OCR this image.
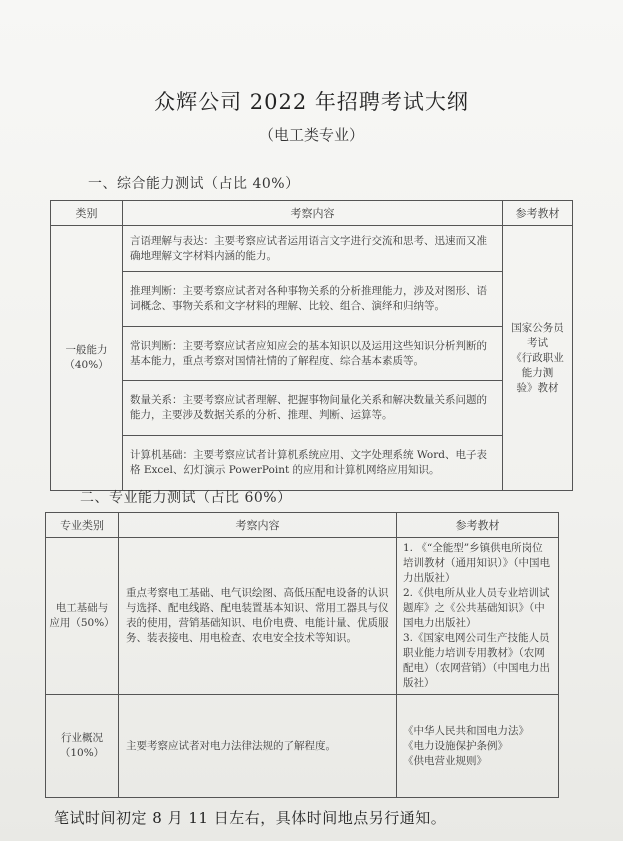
众辉公司 2022 年招聘考试大纲
（电工类专业）
一、综合能力测试（占比 40%）
类别	考察内容	参考教材

一般能力
（40%）	言语理解与表达：主要考察应试者运用语言文字进行交流和思考、迅速而又准确地理解文字材料内涵的能力。	国家公务员考试
《行政职业能力测
验》教材

	推理判断：主要考察应试者对各种事物关系的分析推理能力，涉及对图形、语词概念、事物关系和文字材料的理解、比较、组合、演绎和归纳等。	
	常识判断：主要考察应试者应知应会的基本知识以及运用这些知识分析判断的基本能力，重点考察对国情社情的了解程度、综合基本素质等。	
	数量关系：主要考察应试者理解、把握事物间量化关系和解决数量关系问题的能力，主要涉及数据关系的分析、推理、判断、运算等。	
	计算机基础：主要考察应试者计算机系统应用、文字处理系统 Word、电子表格 Excel、幻灯演示 PowerPoint 的应用和计算机网络应用知识。	
二、专业能力测试（占比 60%）
专业类别	考察内容	参考教材

电工基础与
应用（50%）	重点考察电工基础、电气识绘图、高低压配电设备的认识与选择、配电线路、配电装置基本知识、常用工器具与仪表的使用，营销基础知识、电价电费、电能计量、优质服务、装表接电、用电检查、农电安全技术等知识。	1. 《“全能型”乡镇供电所岗位培训教材（通用知识）》（中国电力出版社）
2.《供电所从业人员专业培训试题库》之《公共基础知识》（中国电力出版社）
3.《国家电网公司生产技能人员职业能力培训专用教材》（农网配电）（农网营销）（中国电力出版社）

行业概况
（10%）	主要考察应试者对电力法律法规的了解程度。	《中华人民共和国电力法》
《电力设施保护条例》
《供电营业规则》
笔试时间初定 8 月 11 日左右，具体时间地点另行通知。
